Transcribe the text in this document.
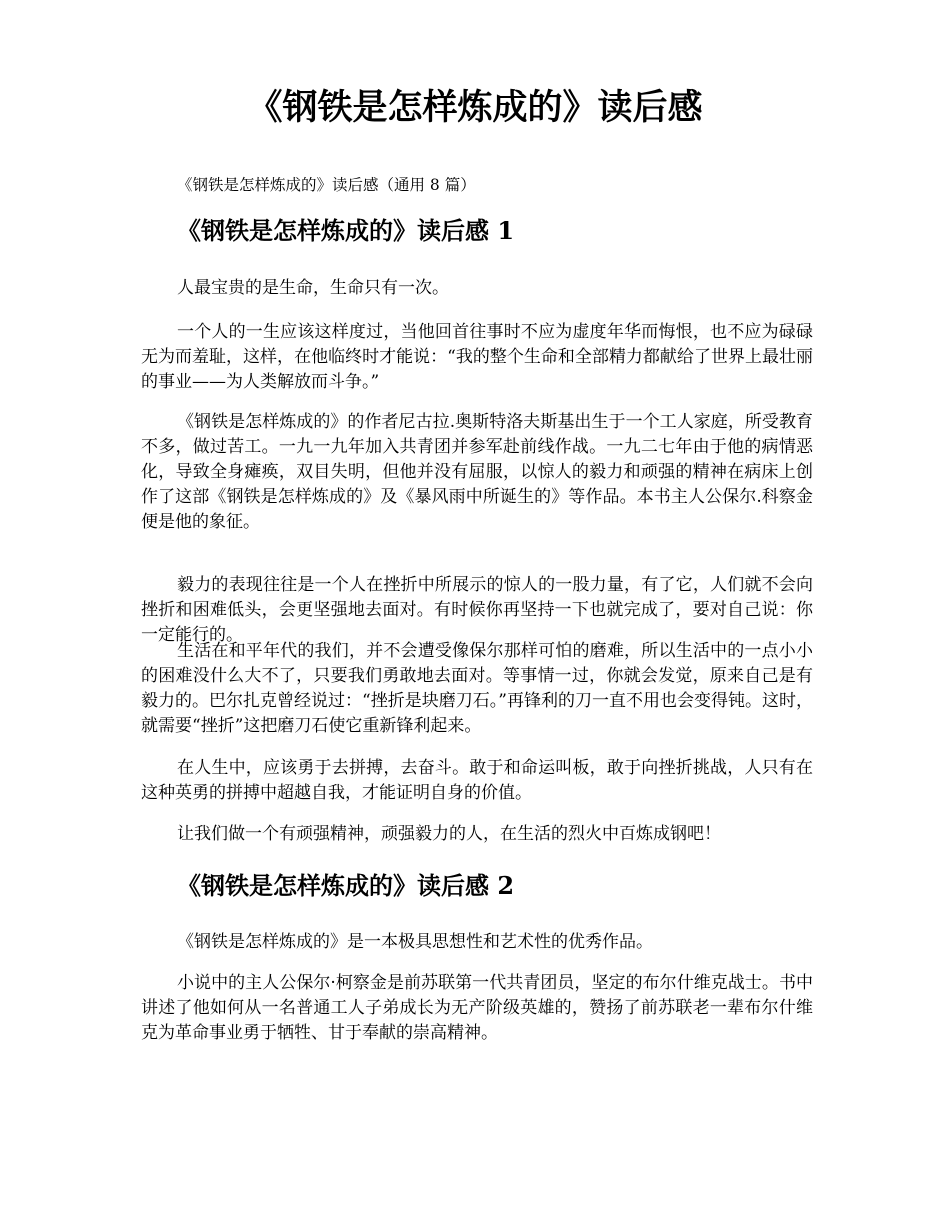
《钢铁是怎样炼成的》读后感

《钢铁是怎样炼成的》读后感（通用 8 篇）

《钢铁是怎样炼成的》读后感 1

人最宝贵的是生命，生命只有一次。

一个人的一生应该这样度过，当他回首往事时不应为虚度年华而悔恨，也不应为碌碌无为而羞耻，这样，在他临终时才能说：“我的整个生命和全部精力都献给了世界上最壮丽的事业——为人类解放而斗争。”

《钢铁是怎样炼成的》的作者尼古拉.奥斯特洛夫斯基出生于一个工人家庭，所受教育不多，做过苦工。一九一九年加入共青团并参军赴前线作战。一九二七年由于他的病情恶化，导致全身瘫痪，双目失明，但他并没有屈服，以惊人的毅力和顽强的精神在病床上创作了这部《钢铁是怎样炼成的》及《暴风雨中所诞生的》等作品。本书主人公保尔.科察金便是他的象征。

毅力的表现往往是一个人在挫折中所展示的惊人的一股力量，有了它，人们就不会向挫折和困难低头，会更坚强地去面对。有时候你再坚持一下也就完成了，要对自己说：你一定能行的。

生活在和平年代的我们，并不会遭受像保尔那样可怕的磨难，所以生活中的一点小小的困难没什么大不了，只要我们勇敢地去面对。等事情一过，你就会发觉，原来自己是有毅力的。巴尔扎克曾经说过：“挫折是块磨刀石。”再锋利的刀一直不用也会变得钝。这时，就需要“挫折”这把磨刀石使它重新锋利起来。

在人生中，应该勇于去拼搏，去奋斗。敢于和命运叫板，敢于向挫折挑战，人只有在这种英勇的拼搏中超越自我，才能证明自身的价值。

让我们做一个有顽强精神，顽强毅力的人，在生活的烈火中百炼成钢吧！

《钢铁是怎样炼成的》读后感 2

《钢铁是怎样炼成的》是一本极具思想性和艺术性的优秀作品。

小说中的主人公保尔·柯察金是前苏联第一代共青团员，坚定的布尔什维克战士。书中讲述了他如何从一名普通工人子弟成长为无产阶级英雄的，赞扬了前苏联老一辈布尔什维克为革命事业勇于牺牲、甘于奉献的崇高精神。
